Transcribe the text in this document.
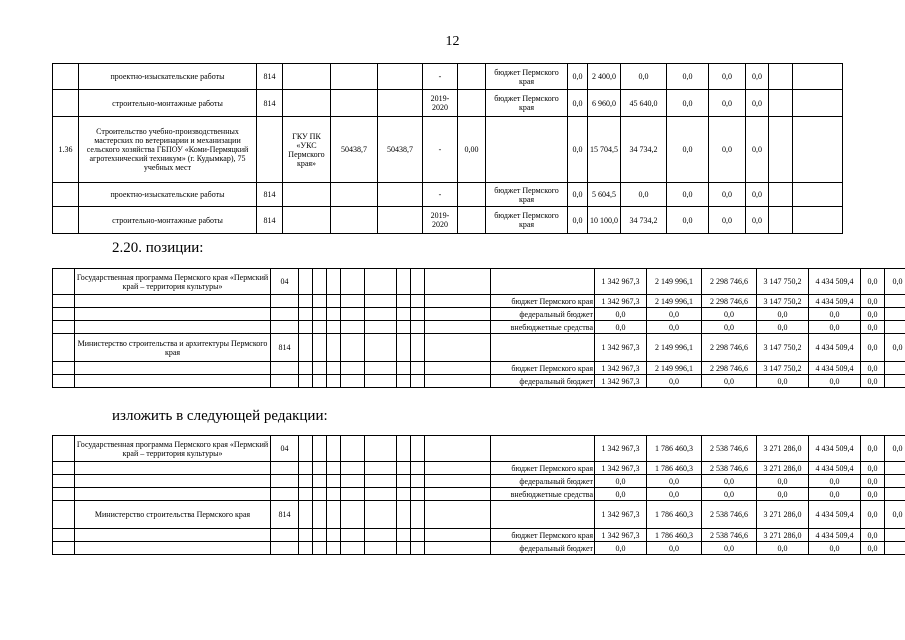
12
	проектно-изыскательские работы	814				-		бюджет Пермского края	0,0	2 400,0	0,0	0,0	0,0	0,0		
	строительно-монтажные работы	814				2019-2020		бюджет Пермского края	0,0	6 960,0	45 640,0	0,0	0,0	0,0		
1.36	Строительство учебно-производственных мастерских по ветеринарии и механизации сельского хозяйства ГБПОУ «Коми-Пермяцкий агротехнический техникум» (г. Кудымкар), 75 учебных мест		ГКУ ПК «УКС Пермского края»	50438,7	50438,7	-	0,00		0,0	15 704,5	34 734,2	0,0	0,0	0,0		
	проектно-изыскательские работы	814				-		бюджет Пермского края	0,0	5 604,5	0,0	0,0	0,0	0,0		
	строительно-монтажные работы	814				2019-2020		бюджет Пермского края	0,0	10 100,0	34 734,2	0,0	0,0	0,0		
2.20. позиции:
	Государственная программа Пермского края «Пермский край – территория культуры»	04										1 342 967,3	2 149 996,1	2 298 746,6	3 147 750,2	4 434 509,4	0,0	0,0
											бюджет Пермского края	1 342 967,3	2 149 996,1	2 298 746,6	3 147 750,2	4 434 509,4	0,0	
											федеральный бюджет	0,0	0,0	0,0	0,0	0,0	0,0	
											внебюджетные средства	0,0	0,0	0,0	0,0	0,0	0,0	
	Министерство строительства и архитектуры Пермского края	814										1 342 967,3	2 149 996,1	2 298 746,6	3 147 750,2	4 434 509,4	0,0	0,0
											бюджет Пермского края	1 342 967,3	2 149 996,1	2 298 746,6	3 147 750,2	4 434 509,4	0,0	
											федеральный бюджет	1 342 967,3	0,0	0,0	0,0	0,0	0,0	
изложить в следующей редакции:
	Государственная программа Пермского края «Пермский край – территория культуры»	04										1 342 967,3	1 786 460,3	2 538 746,6	3 271 286,0	4 434 509,4	0,0	0,0
											бюджет Пермского края	1 342 967,3	1 786 460,3	2 538 746,6	3 271 286,0	4 434 509,4	0,0	
											федеральный бюджет	0,0	0,0	0,0	0,0	0,0	0,0	
											внебюджетные средства	0,0	0,0	0,0	0,0	0,0	0,0	
	Министерство строительства Пермского края	814										1 342 967,3	1 786 460,3	2 538 746,6	3 271 286,0	4 434 509,4	0,0	0,0
											бюджет Пермского края	1 342 967,3	1 786 460,3	2 538 746,6	3 271 286,0	4 434 509,4	0,0	
											федеральный бюджет	0,0	0,0	0,0	0,0	0,0	0,0	
